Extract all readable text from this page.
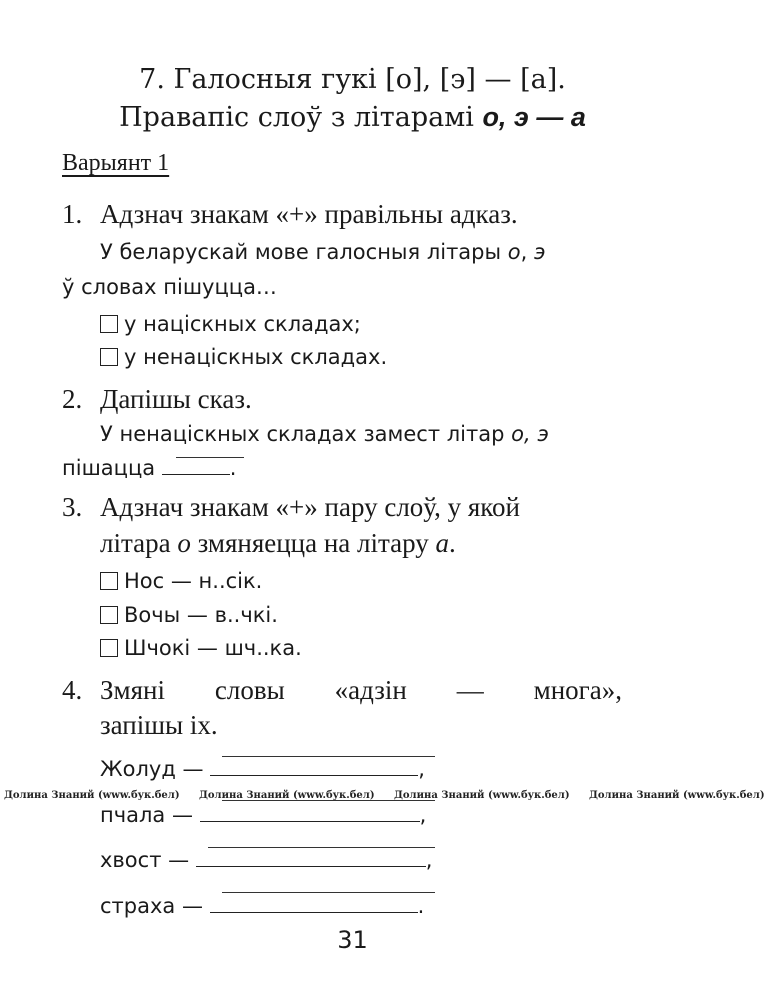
7. Галосныя гукі [о], [э] — [а].
Правапіс слоў з літарамі о, э — а
Варыянт 1
1. Адзнач знакам «+» правільны адказ.
У беларускай мове галосныя літары о, э
ў словах пішуцца…
у націскных складах;
у ненаціскных складах.
2. Дапішы сказ.
У ненаціскных складах замест літар о, э
пішацца	.
3. Адзнач знакам «+» пару слоў, у якой
літара о змяняецца на літару а.
Нос — н..сік.
Вочы — в..чкі.
Шчокі — шч..ка.
4. Змяні словы «адзін — многа»,
запішы іх.
Жолуд —	,
пчала —	,
хвост —	,
страха —	.
Долина Знаний (www.бук.бел) Долина Знаний (www.бук.бел) Долина Знаний (www.бук.бел) Долина Знаний (www.бук.бел)
31
